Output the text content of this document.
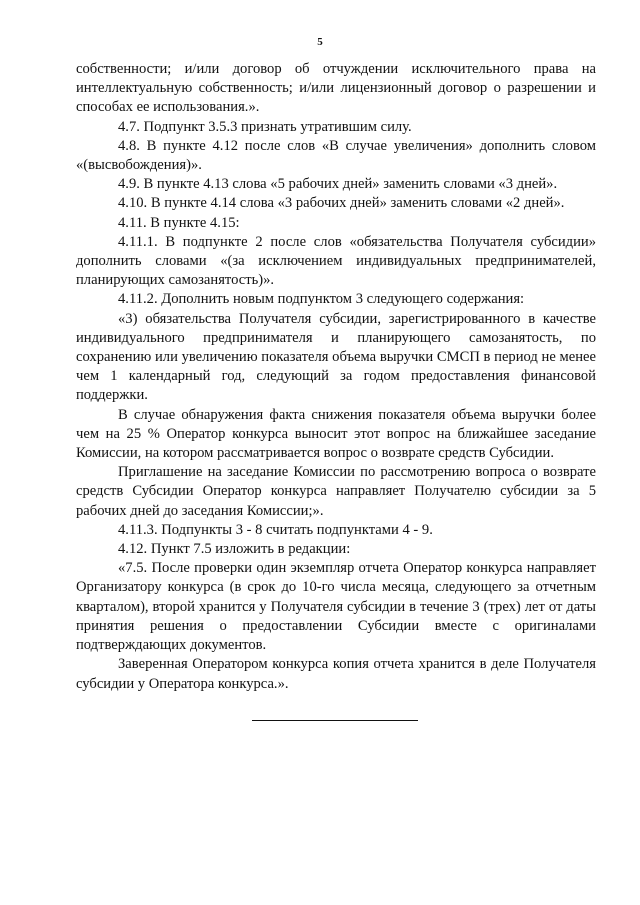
5

собственности; и/или договор об отчуждении исключительного права на интеллектуальную собственность; и/или лицензионный договор о разрешении и способах ее использования.».

4.7. Подпункт 3.5.3 признать утратившим силу.

4.8. В пункте 4.12 после слов «В случае увеличения» дополнить словом «(высвобождения)».

4.9. В пункте 4.13 слова «5 рабочих дней» заменить словами «3 дней».

4.10. В пункте 4.14 слова «3 рабочих дней» заменить словами «2 дней».

4.11. В пункте 4.15:

4.11.1. В подпункте 2 после слов «обязательства Получателя субсидии» дополнить словами «(за исключением индивидуальных предпринимателей, планирующих самозанятость)».

4.11.2. Дополнить новым подпунктом 3 следующего содержания:

«3) обязательства Получателя субсидии, зарегистрированного в качестве индивидуального предпринимателя и планирующего самозанятость, по сохранению или увеличению показателя объема выручки СМСП в период не менее чем 1 календарный год, следующий за годом предоставления финансовой поддержки.

В случае обнаружения факта снижения показателя объема выручки более чем на 25 % Оператор конкурса выносит этот вопрос на ближайшее заседание Комиссии, на котором рассматривается вопрос о возврате средств Субсидии.

Приглашение на заседание Комиссии по рассмотрению вопроса о возврате средств Субсидии Оператор конкурса направляет Получателю субсидии за 5 рабочих дней до заседания Комиссии;».

4.11.3. Подпункты 3 - 8 считать подпунктами 4 - 9.

4.12. Пункт 7.5 изложить в редакции:

«7.5. После проверки один экземпляр отчета Оператор конкурса направляет Организатору конкурса (в срок до 10-го числа месяца, следующего за отчетным кварталом), второй хранится у Получателя субсидии в течение 3 (трех) лет от даты принятия решения о предоставлении Субсидии вместе с оригиналами подтверждающих документов.

Заверенная Оператором конкурса копия отчета хранится в деле Получателя субсидии у Оператора конкурса.».
